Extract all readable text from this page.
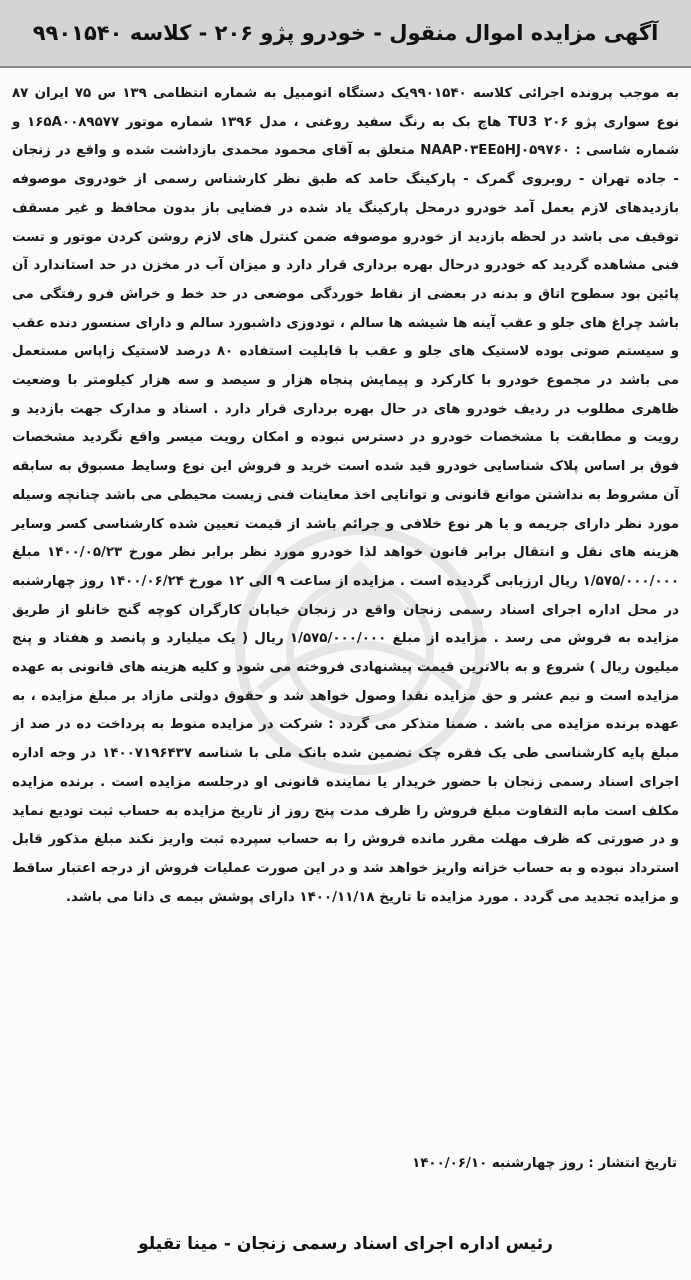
آگهی مزایده اموال منقول - خودرو پژو ۲۰۶ - کلاسه ۹۹۰۱۵۴۰
به موجب پرونده اجرائی کلاسه ۹۹۰۱۵۴۰یک دستگاه اتومبیل به شماره انتظامی ۱۳۹ س ۷۵ ایران ۸۷ نوع سواری پژو ۲۰۶ TU3 هاچ بک به رنگ سفید روغنی ، مدل ۱۳۹۶ شماره موتور ۱۶۵A۰۰۸۹۵۷۷ و شماره شاسی : NAAP۰۳EE۵HJ۰۵۹۷۶۰ متعلق به آقای محمود محمدی بازداشت شده و واقع در زنجان - جاده تهران - روبروی گمرک - پارکینگ حامد که طبق نظر کارشناس رسمی از خودروی موصوفه بازدیدهای لازم بعمل آمد خودرو درمحل پارکینگ یاد شده در فضایی باز بدون محافظ و غیر مسقف توقیف می باشد در لحظه بازدید از خودرو موصوفه ضمن کنترل های لازم روشن کردن موتور و تست فنی مشاهده گردید که خودرو درحال بهره برداری قرار دارد و میزان آب در مخزن در حد استاندارد آن پائین بود سطوح اتاق و بدنه در بعضی از نقاط خوردگی موضعی در حد خط و خراش فرو رفتگی می باشد چراغ های جلو و عقب آینه ها شیشه ها سالم ، تودوزی داشبورد سالم و دارای سنسور دنده عقب و سیستم صوتی بوده لاستیک های جلو و عقب با قابلیت استفاده ۸۰ درصد لاستیک زاپاس مستعمل می باشد در مجموع خودرو با کارکرد و پیمایش پنجاه هزار و سیصد و سه هزار کیلومتر با وضعیت ظاهری مطلوب در ردیف خودرو های در حال بهره برداری قرار دارد . اسناد و مدارک جهت بازدید و رویت و مطابقت با مشخصات خودرو در دسترس نبوده و امکان رویت میسر واقع نگردید مشخصات فوق بر اساس پلاک شناسایی خودرو قید شده است خرید و فروش این نوع وسایط مسبوق به سابقه آن مشروط به نداشتن موانع قانونی و توانایی اخذ معاینات فنی زیست محیطی می باشد چنانچه وسیله مورد نظر دارای جریمه و یا هر نوع خلافی و جرائم باشد از قیمت تعیین شده کارشناسی کسر وسایر هزینه های نقل و انتقال برابر قانون خواهد لذا خودرو مورد نظر برابر نظر مورخ ۱۴۰۰/۰۵/۲۳ مبلغ ۱/۵۷۵/۰۰۰/۰۰۰ ریال ارزیابی گردیده است . مزایده از ساعت ۹ الی ۱۲ مورخ ۱۴۰۰/۰۶/۲۴ روز چهارشنبه در محل اداره اجرای اسناد رسمی زنجان واقع در زنجان خیابان کارگران کوچه گنج خانلو از طریق مزایده به فروش می رسد . مزایده از مبلغ ۱/۵۷۵/۰۰۰/۰۰۰ ریال ( یک میلیارد و پانصد و هفتاد و پنج میلیون ریال ) شروع و به بالاترین قیمت پیشنهادی فروخته می شود و کلیه هزینه های قانونی به عهده مزایده است و نیم عشر و حق مزایده نقدا وصول خواهد شد و حقوق دولتی مازاد بر مبلغ مزایده ، به عهده برنده مزایده می باشد . ضمنا متذکر می گردد : شرکت در مزایده منوط به پرداخت ده در صد از مبلغ پایه کارشناسی طی یک فقره چک تضمین شده بانک ملی با شناسه ۱۴۰۰۷۱۹۶۴۳۷ در وجه اداره اجرای اسناد رسمی زنجان با حضور خریدار یا نماینده قانونی او درجلسه مزایده است . برنده مزایده مکلف است مابه التفاوت مبلغ فروش را ظرف مدت پنج روز از تاریخ مزایده به حساب ثبت تودیع نماید و در صورتی که ظرف مهلت مقرر مانده فروش را به حساب سپرده ثبت واریز نکند مبلغ مذکور قابل استرداد نبوده و به حساب خزانه واریز خواهد شد و در این صورت عملیات فروش از درجه اعتبار ساقط و مزایده تجدید می گردد . مورد مزایده تا تاریخ ۱۴۰۰/۱۱/۱۸ دارای پوشش بیمه ی دانا می باشد.
تاریخ انتشار : روز چهارشنبه ۱۴۰۰/۰۶/۱۰
رئیس اداره اجرای اسناد رسمی زنجان - مینا تقیلو
